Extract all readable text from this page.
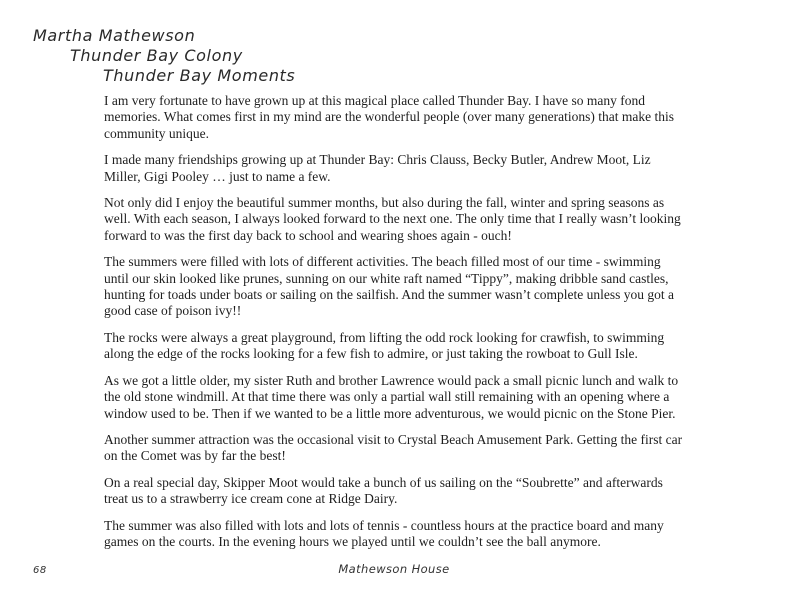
Martha Mathewson
Thunder Bay Colony
Thunder Bay Moments

I am very fortunate to have grown up at this magical place called Thunder Bay. I have so many fond memories. What comes first in my mind are the wonderful people (over many generations) that make this community unique.

I made many friendships growing up at Thunder Bay: Chris Clauss, Becky Butler, Andrew Moot, Liz Miller, Gigi Pooley … just to name a few.

Not only did I enjoy the beautiful summer months, but also during the fall, winter and spring seasons as well. With each season, I always looked forward to the next one. The only time that I really wasn’t looking forward to was the first day back to school and wearing shoes again - ouch!

The summers were filled with lots of different activities. The beach filled most of our time - swimming until our skin looked like prunes, sunning on our white raft named “Tippy”, making dribble sand castles, hunting for toads under boats or sailing on the sailfish. And the summer wasn’t complete unless you got a good case of poison ivy!!

The rocks were always a great playground, from lifting the odd rock looking for crawfish, to swimming along the edge of the rocks looking for a few fish to admire, or just taking the rowboat to Gull Isle.

As we got a little older, my sister Ruth and brother Lawrence would pack a small picnic lunch and walk to the old stone windmill. At that time there was only a partial wall still remaining with an opening where a window used to be. Then if we wanted to be a little more adventurous, we would picnic on the Stone Pier.

Another summer attraction was the occasional visit to Crystal Beach Amusement Park. Getting the first car on the Comet was by far the best!

On a real special day, Skipper Moot would take a bunch of us sailing on the “Soubrette” and afterwards treat us to a strawberry ice cream cone at Ridge Dairy.

The summer was also filled with lots and lots of tennis - countless hours at the practice board and many games on the courts. In the evening hours we played until we couldn’t see the ball anymore.

68	Mathewson House
